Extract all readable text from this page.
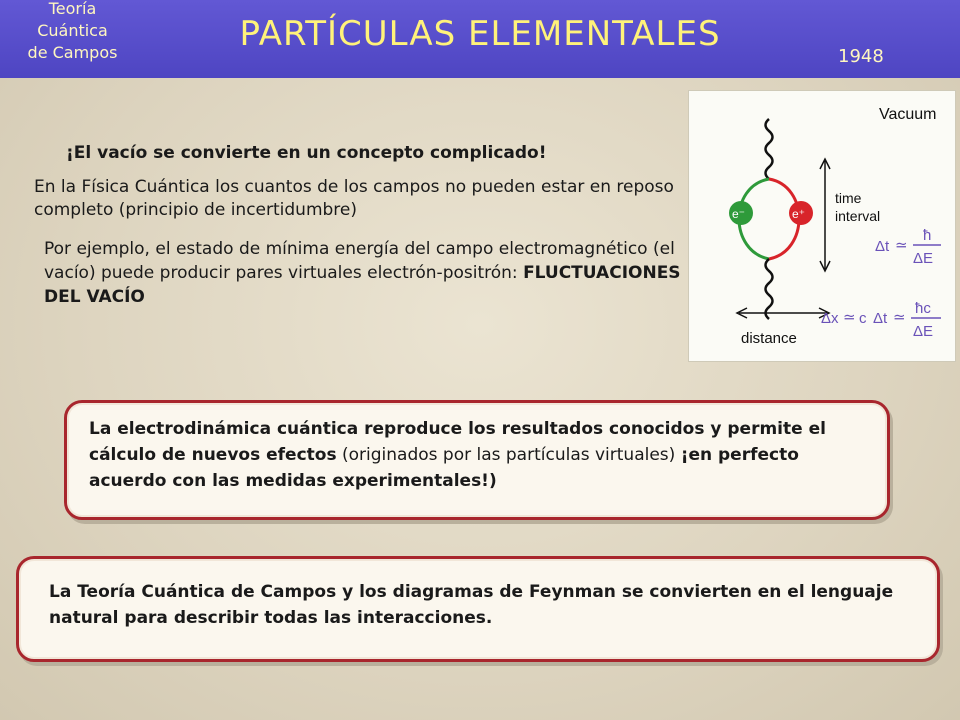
Teoría
Cuántica
de Campos	PARTÍCULAS ELEMENTALES
1948
¡El vacío se convierte en un concepto complicado!
En la Física Cuántica los cuantos de los campos no pueden estar en reposo completo (principio de incertidumbre)
Por ejemplo, el estado de mínima energía del campo electromagnético (el vacío) puede producir pares virtuales electrón-positrón: FLUCTUACIONES DEL VACÍO
e⁻	e⁺
Vacuum
time
interval
distance
Δt ≃
ħ
ΔE
Δx ≃ c Δt ≃
ħc
ΔE
La electrodinámica cuántica reproduce los resultados conocidos y permite el cálculo de nuevos efectos (originados por las partículas virtuales) ¡en perfecto acuerdo con las medidas experimentales!)
La Teoría Cuántica de Campos y los diagramas de Feynman se convierten en el lenguaje natural para describir todas las interacciones.
